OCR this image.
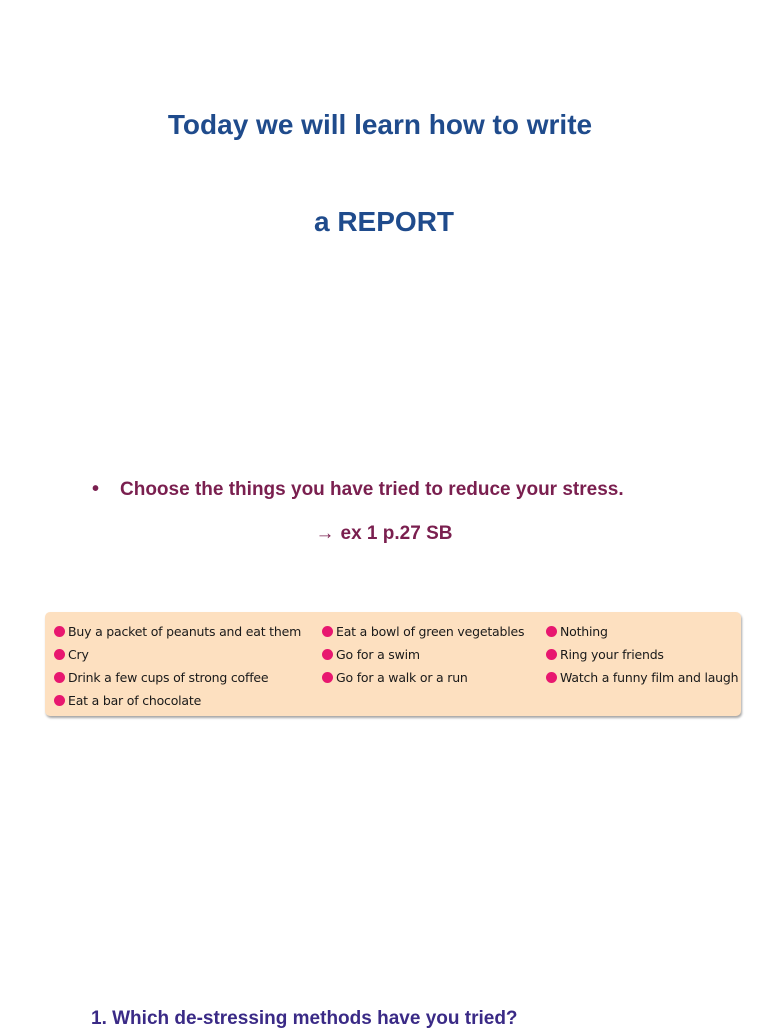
Today we will learn how to write
a REPORT
• Choose the things you have tried to reduce your stress.
→ ex 1 p.27 SB
Buy a packet of peanuts and eat them
Cry
Drink a few cups of strong coffee
Eat a bar of chocolate
Eat a bowl of green vegetables
Go for a swim
Go for a walk or a run
Nothing
Ring your friends
Watch a funny film and laugh
1. Which de-stressing methods have you tried?
